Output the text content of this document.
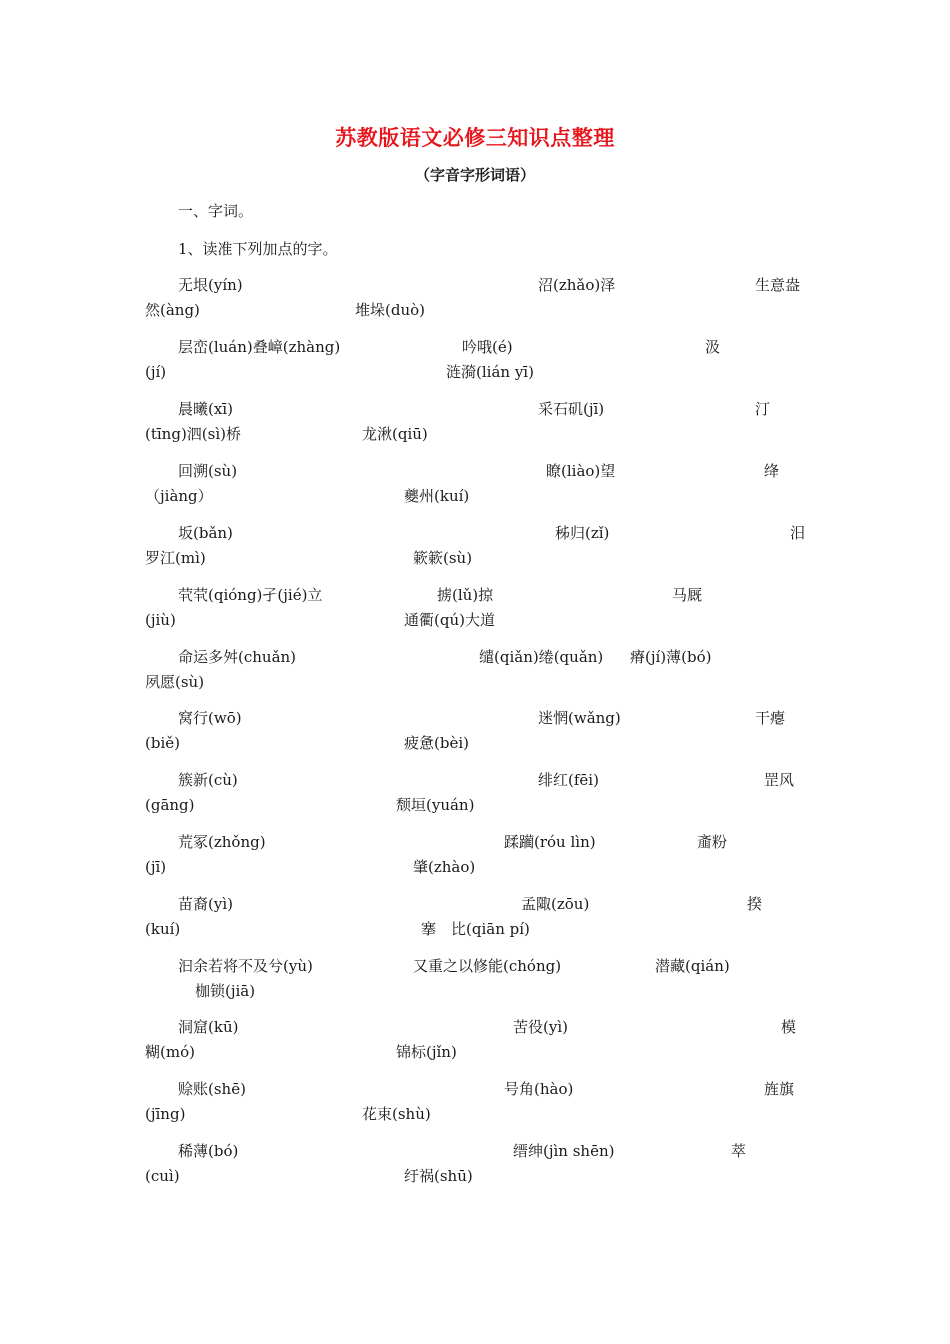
苏教版语文必修三知识点整理
（字音字形词语）
一、字词。
1、读准下列加点的字。
无垠(yín)	沼(zhǎo)泽	生意盎
然(àng)	堆垛(duò)
层峦(luán)叠嶂(zhàng)	吟哦(é)	汲
(jí)	涟漪(lián yī)
晨曦(xī)	采石矶(jī)	汀
(tīng)泗(sì)桥	龙湫(qiū)
回溯(sù)	瞭(liào)望	绛
（jiàng）	夔州(kuí)
坂(bǎn)	秭归(zǐ)	汨
罗江(mì)	簌簌(sù)
茕茕(qióng)孑(jié)立	掳(lǔ)掠	马厩
(jiù)	通衢(qú)大道
命运多舛(chuǎn)	缱(qiǎn)绻(quǎn) 瘠(jí)薄(bó)
夙愿(sù)
窝行(wō)	迷惘(wǎng)	干瘪
(biě)	疲惫(bèi)
簇新(cù)	绯红(fēi)	罡风
(gāng)	颓垣(yuán)
荒冢(zhǒng)	蹂躏(róu lìn)	齑粉
(jī)	肇(zhào)
苗裔(yì)	孟陬(zōu)	揆
(kuí)	搴　比(qiān pí)
汩余若将不及兮(yù)	又重之以修能(chóng)	潜藏(qián)
枷锁(jiā)
洞窟(kū)	苦役(yì)	模
糊(mó)	锦标(jǐn)
赊账(shē)	号角(hào)	旌旗
(jīng)	花束(shù)
稀薄(bó)	缙绅(jìn shēn)	萃
(cuì)	纡祸(shū)
